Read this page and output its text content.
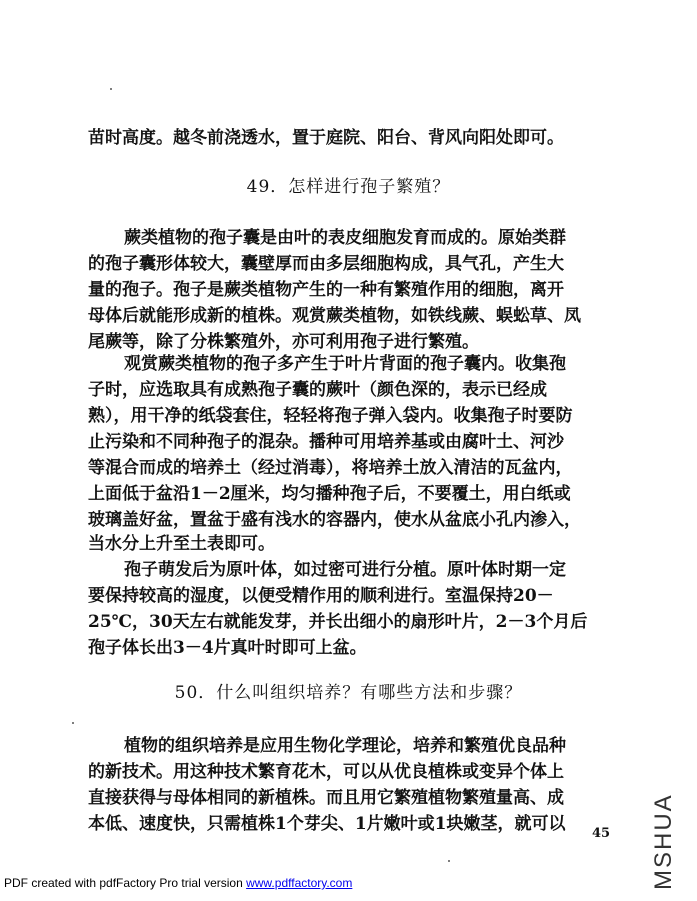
苗时高度。越冬前浇透水，置于庭院、阳台、背风向阳处即可。
49．怎样进行孢子繁殖？
蕨类植物的孢子囊是由叶的表皮细胞发育而成的。原始类群
的孢子囊形体较大，囊壁厚而由多层细胞构成，具气孔，产生大
量的孢子。孢子是蕨类植物产生的一种有繁殖作用的细胞，离开
母体后就能形成新的植株。观赏蕨类植物，如铁线蕨、蜈蚣草、凤
尾蕨等，除了分株繁殖外，亦可利用孢子进行繁殖。
观赏蕨类植物的孢子多产生于叶片背面的孢子囊内。收集孢
子时，应选取具有成熟孢子囊的蕨叶（颜色深的，表示已经成
熟），用干净的纸袋套住，轻轻将孢子弹入袋内。收集孢子时要防
止污染和不同种孢子的混杂。播种可用培养基或由腐叶土、河沙
等混合而成的培养土（经过消毒），将培养土放入清洁的瓦盆内，
上面低于盆沿1－2厘米，均匀播种孢子后，不要覆土，用白纸或
玻璃盖好盆，置盆于盛有浅水的容器内，使水从盆底小孔内渗入，
当水分上升至土表即可。
孢子萌发后为原叶体，如过密可进行分植。原叶体时期一定
要保持较高的湿度，以便受精作用的顺利进行。室温保持20－
25℃，30天左右就能发芽，并长出细小的扇形叶片，2－3个月后
孢子体长出3－4片真叶时即可上盆。
50．什么叫组织培养？有哪些方法和步骤？
植物的组织培养是应用生物化学理论，培养和繁殖优良品种
的新技术。用这种技术繁育花木，可以从优良植株或变异个体上
直接获得与母体相同的新植株。而且用它繁殖植物繁殖量高、成
本低、速度快，只需植株1个芽尖、1片嫩叶或1块嫩茎，就可以	45
PDF created with pdfFactory Pro trial version www.pdffactory.com	MSHUA
